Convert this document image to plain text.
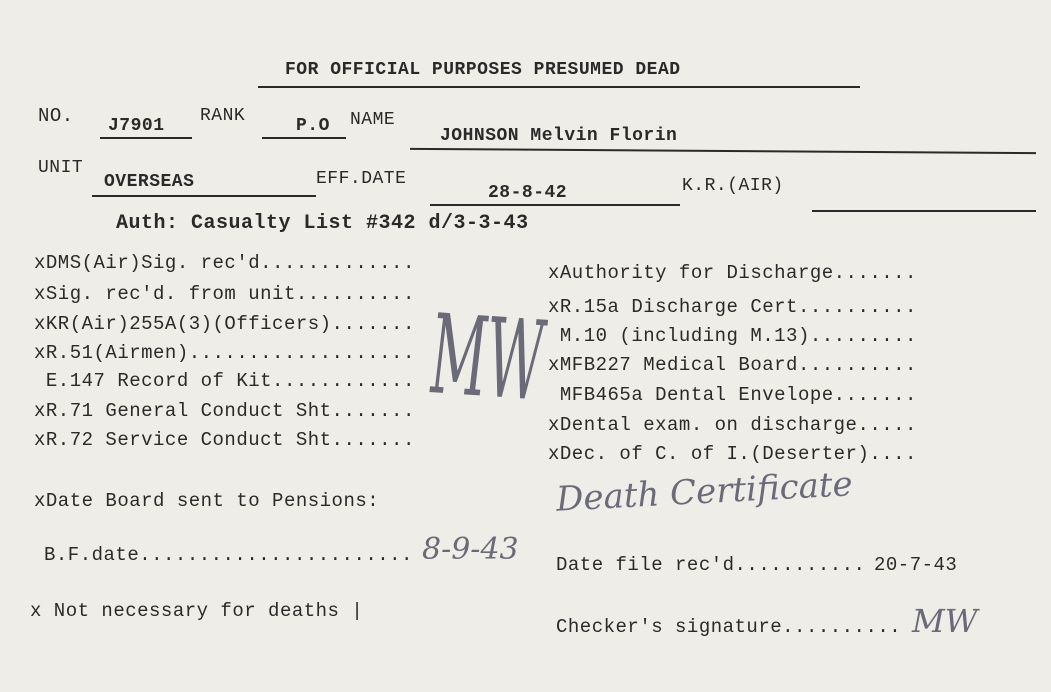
FOR OFFICIAL PURPOSES PRESUMED DEAD
NO. J7901 RANK	P.O NAME
JOHNSON Melvin Florin
UNIT
OVERSEAS	EFF.DATE
28-8-42	K.R.(AIR)
Auth: Casualty List #342 d/3-3-43
xDMS(Air)Sig. rec'd.............
xSig. rec'd. from unit..........
xKR(Air)255A(3)(Officers).......
xR.51(Airmen)...................
E.147 Record of Kit............
xR.71 General Conduct Sht.......
xR.72 Service Conduct Sht.......
xAuthority for Discharge.......
xR.15a Discharge Cert..........
M.10 (including M.13).........
xMFB227 Medical Board..........
MFB465a Dental Envelope.......
xDental exam. on discharge.....
xDec. of C. of I.(Deserter)....
MW
Death Certificate
xDate Board sent to Pensions:
B.F.date....................... 8-9-43 Date file rec'd........... 20-7-43
x Not necessary for deaths |
Checker's signature.......... MW
